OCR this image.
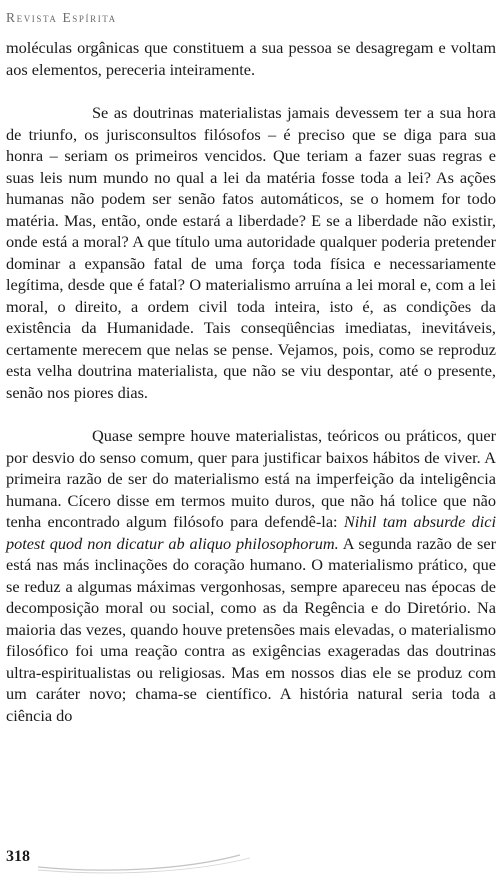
Revista Espírita

moléculas orgânicas que constituem a sua pessoa se desagregam e voltam aos elementos, pereceria inteiramente.

Se as doutrinas materialistas jamais devessem ter a sua hora de triunfo, os jurisconsultos filósofos – é preciso que se diga para sua honra – seriam os primeiros vencidos. Que teriam a fazer suas regras e suas leis num mundo no qual a lei da matéria fosse toda a lei? As ações humanas não podem ser senão fatos automáticos, se o homem for todo matéria. Mas, então, onde estará a liberdade? E se a liberdade não existir, onde está a moral? A que título uma autoridade qualquer poderia pretender dominar a expansão fatal de uma força toda física e necessariamente legítima, desde que é fatal? O materialismo arruína a lei moral e, com a lei moral, o direito, a ordem civil toda inteira, isto é, as condições da existência da Humanidade. Tais conseqüências imediatas, inevitáveis, certamente merecem que nelas se pense. Vejamos, pois, como se reproduz esta velha doutrina materialista, que não se viu despontar, até o presente, senão nos piores dias.

Quase sempre houve materialistas, teóricos ou práticos, quer por desvio do senso comum, quer para justificar baixos hábitos de viver. A primeira razão de ser do materialismo está na imperfeição da inteligência humana. Cícero disse em termos muito duros, que não há tolice que não tenha encontrado algum filósofo para defendê-la: Nihil tam absurde dici potest quod non dicatur ab aliquo philosophorum. A segunda razão de ser está nas más inclinações do coração humano. O materialismo prático, que se reduz a algumas máximas vergonhosas, sempre apareceu nas épocas de decomposição moral ou social, como as da Regência e do Diretório. Na maioria das vezes, quando houve pretensões mais elevadas, o materialismo filosófico foi uma reação contra as exigências exageradas das doutrinas ultra-espiritualistas ou religiosas. Mas em nossos dias ele se produz com um caráter novo; chama-se científico. A história natural seria toda a ciência do

318
